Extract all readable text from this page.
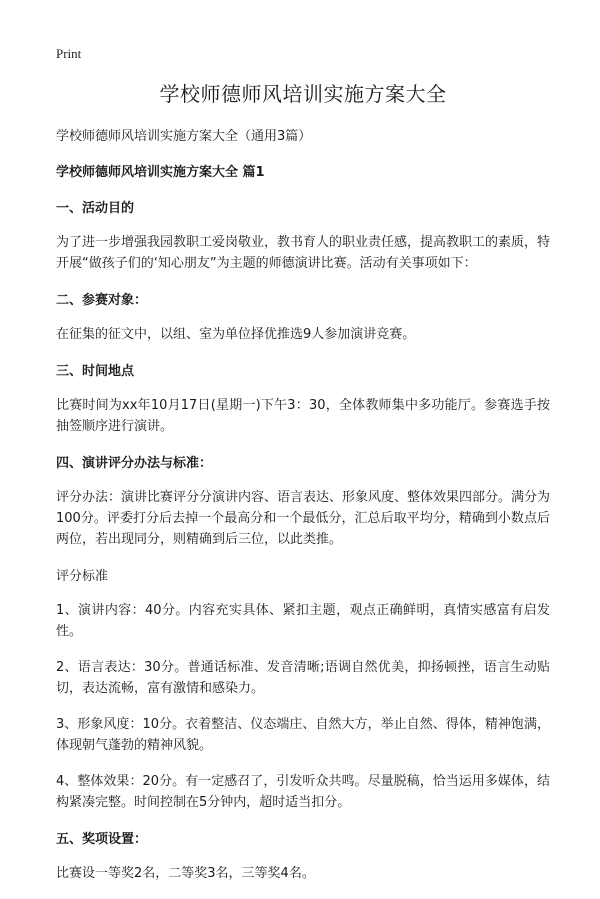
Print
学校师德师风培训实施方案大全
学校师德师风培训实施方案大全（通用3篇）
学校师德师风培训实施方案大全 篇1
一、活动目的
为了进一步增强我园教职工爱岗敬业，教书育人的职业责任感，提高教职工的素质，特开展“做孩子们的‘知心朋友”为主题的师德演讲比赛。活动有关事项如下：
二、参赛对象：
在征集的征文中，以组、室为单位择优推选9人参加演讲竞赛。
三、时间地点
比赛时间为xx年10月17日(星期一)下午3：30，全体教师集中多功能厅。参赛选手按抽签顺序进行演讲。
四、演讲评分办法与标准：
评分办法：演讲比赛评分分演讲内容、语言表达、形象风度、整体效果四部分。满分为100分。评委打分后去掉一个最高分和一个最低分，汇总后取平均分，精确到小数点后两位，若出现同分，则精确到后三位，以此类推。
评分标准
1、演讲内容：40分。内容充实具体、紧扣主题，观点正确鲜明，真情实感富有启发性。
2、语言表达：30分。普通话标准、发音清晰;语调自然优美，抑扬顿挫，语言生动贴切，表达流畅，富有激情和感染力。
3、形象风度：10分。衣着整洁、仪态端庄、自然大方，举止自然、得体，精神饱满，体现朝气蓬勃的精神风貌。
4、整体效果：20分。有一定感召了，引发听众共鸣。尽量脱稿，恰当运用多媒体，结构紧凑完整。时间控制在5分钟内，超时适当扣分。
五、奖项设置：
比赛设一等奖2名，二等奖3名，三等奖4名。
